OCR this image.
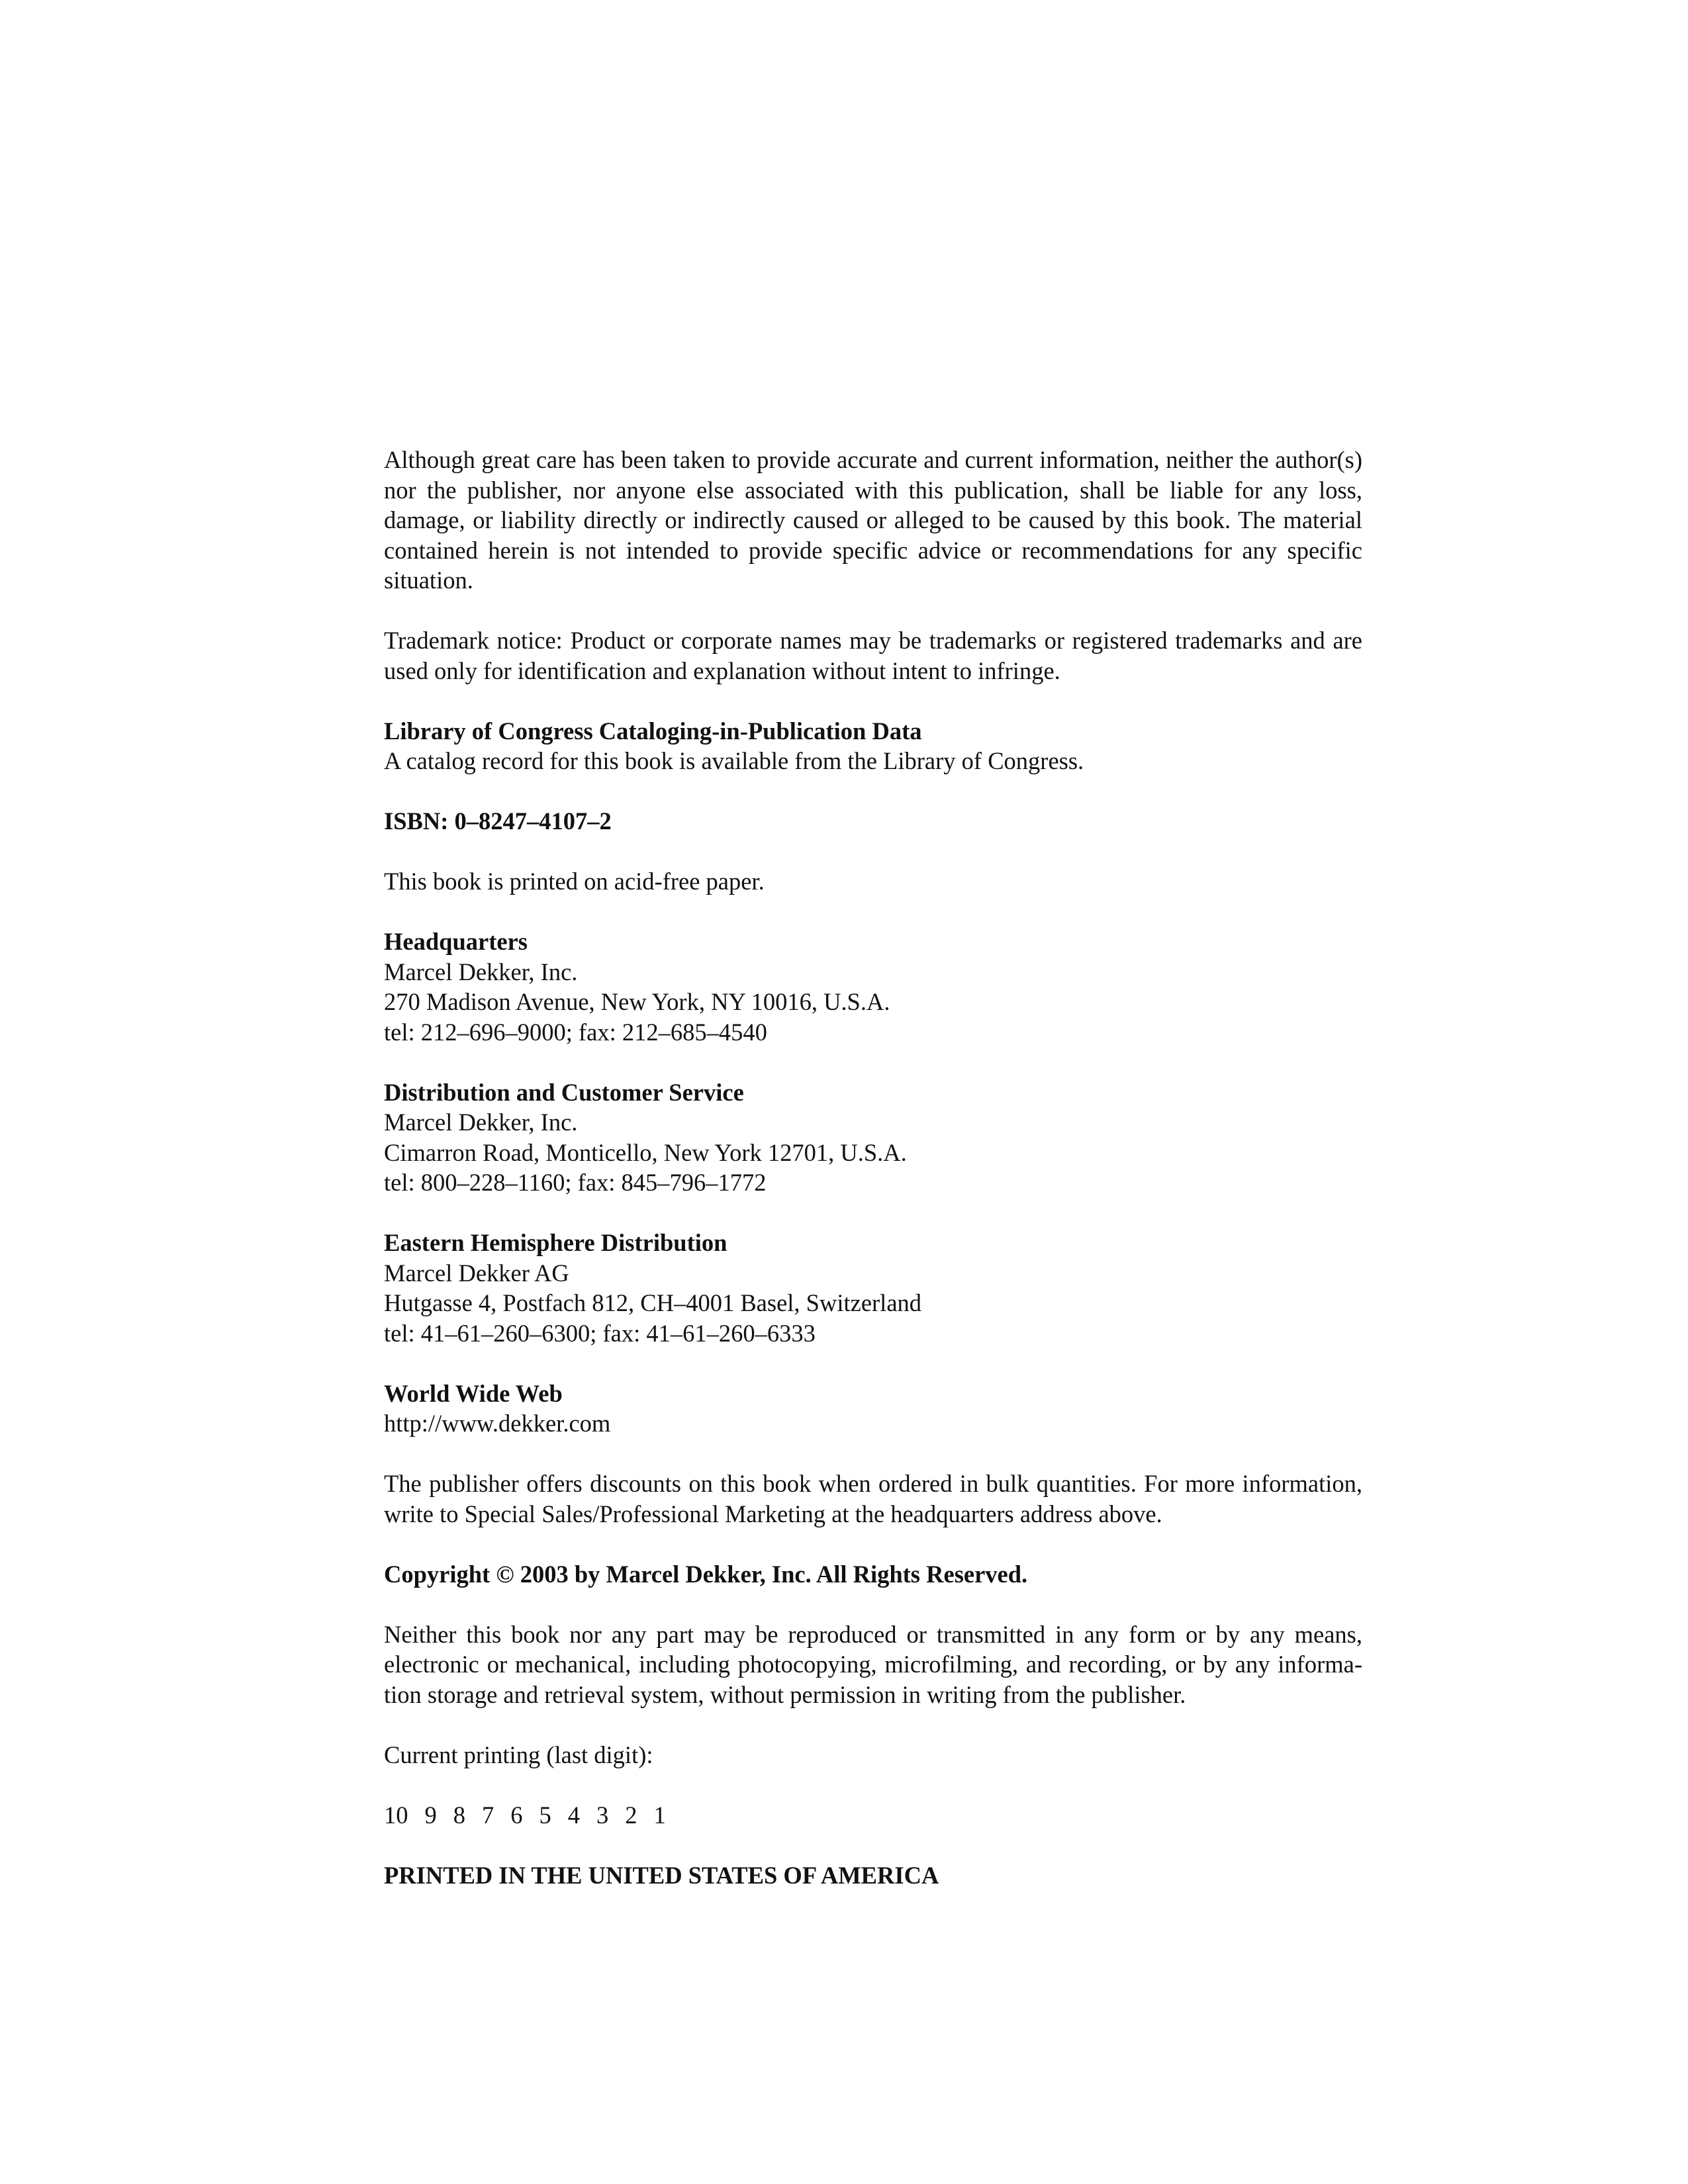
Although great care has been taken to provide accurate and current information, neither the author(s) nor the publisher, nor anyone else associated with this publication, shall be liable for any loss, damage, or liability directly or indirectly caused or alleged to be caused by this book. The material contained herein is not intended to provide specific advice or recommendations for any specific situation.

Trademark notice: Product or corporate names may be trademarks or registered trademarks and are used only for identification and explanation without intent to infringe.

Library of Congress Cataloging-in-Publication Data
A catalog record for this book is available from the Library of Congress.
ISBN: 0–8247–4107–2
This book is printed on acid-free paper.
Headquarters
Marcel Dekker, Inc.
270 Madison Avenue, New York, NY 10016, U.S.A.
tel: 212–696–9000; fax: 212–685–4540
Distribution and Customer Service
Marcel Dekker, Inc.
Cimarron Road, Monticello, New York 12701, U.S.A.
tel: 800–228–1160; fax: 845–796–1772
Eastern Hemisphere Distribution
Marcel Dekker AG
Hutgasse 4, Postfach 812, CH–4001 Basel, Switzerland
tel: 41–61–260–6300; fax: 41–61–260–6333
World Wide Web
http://www.dekker.com

The publisher offers discounts on this book when ordered in bulk quantities. For more information, write to Special Sales/Professional Marketing at the headquarters address above.

Copyright © 2003 by Marcel Dekker, Inc. All Rights Reserved.

Neither this book nor any part may be reproduced or transmitted in any form or by any means, electronic or mechanical, including photocopying, microfilming, and recording, or by any informa- tion storage and retrieval system, without permission in writing from the publisher.

Current printing (last digit):
10 9 8 7 6 5 4 3 2 1
PRINTED IN THE UNITED STATES OF AMERICA
